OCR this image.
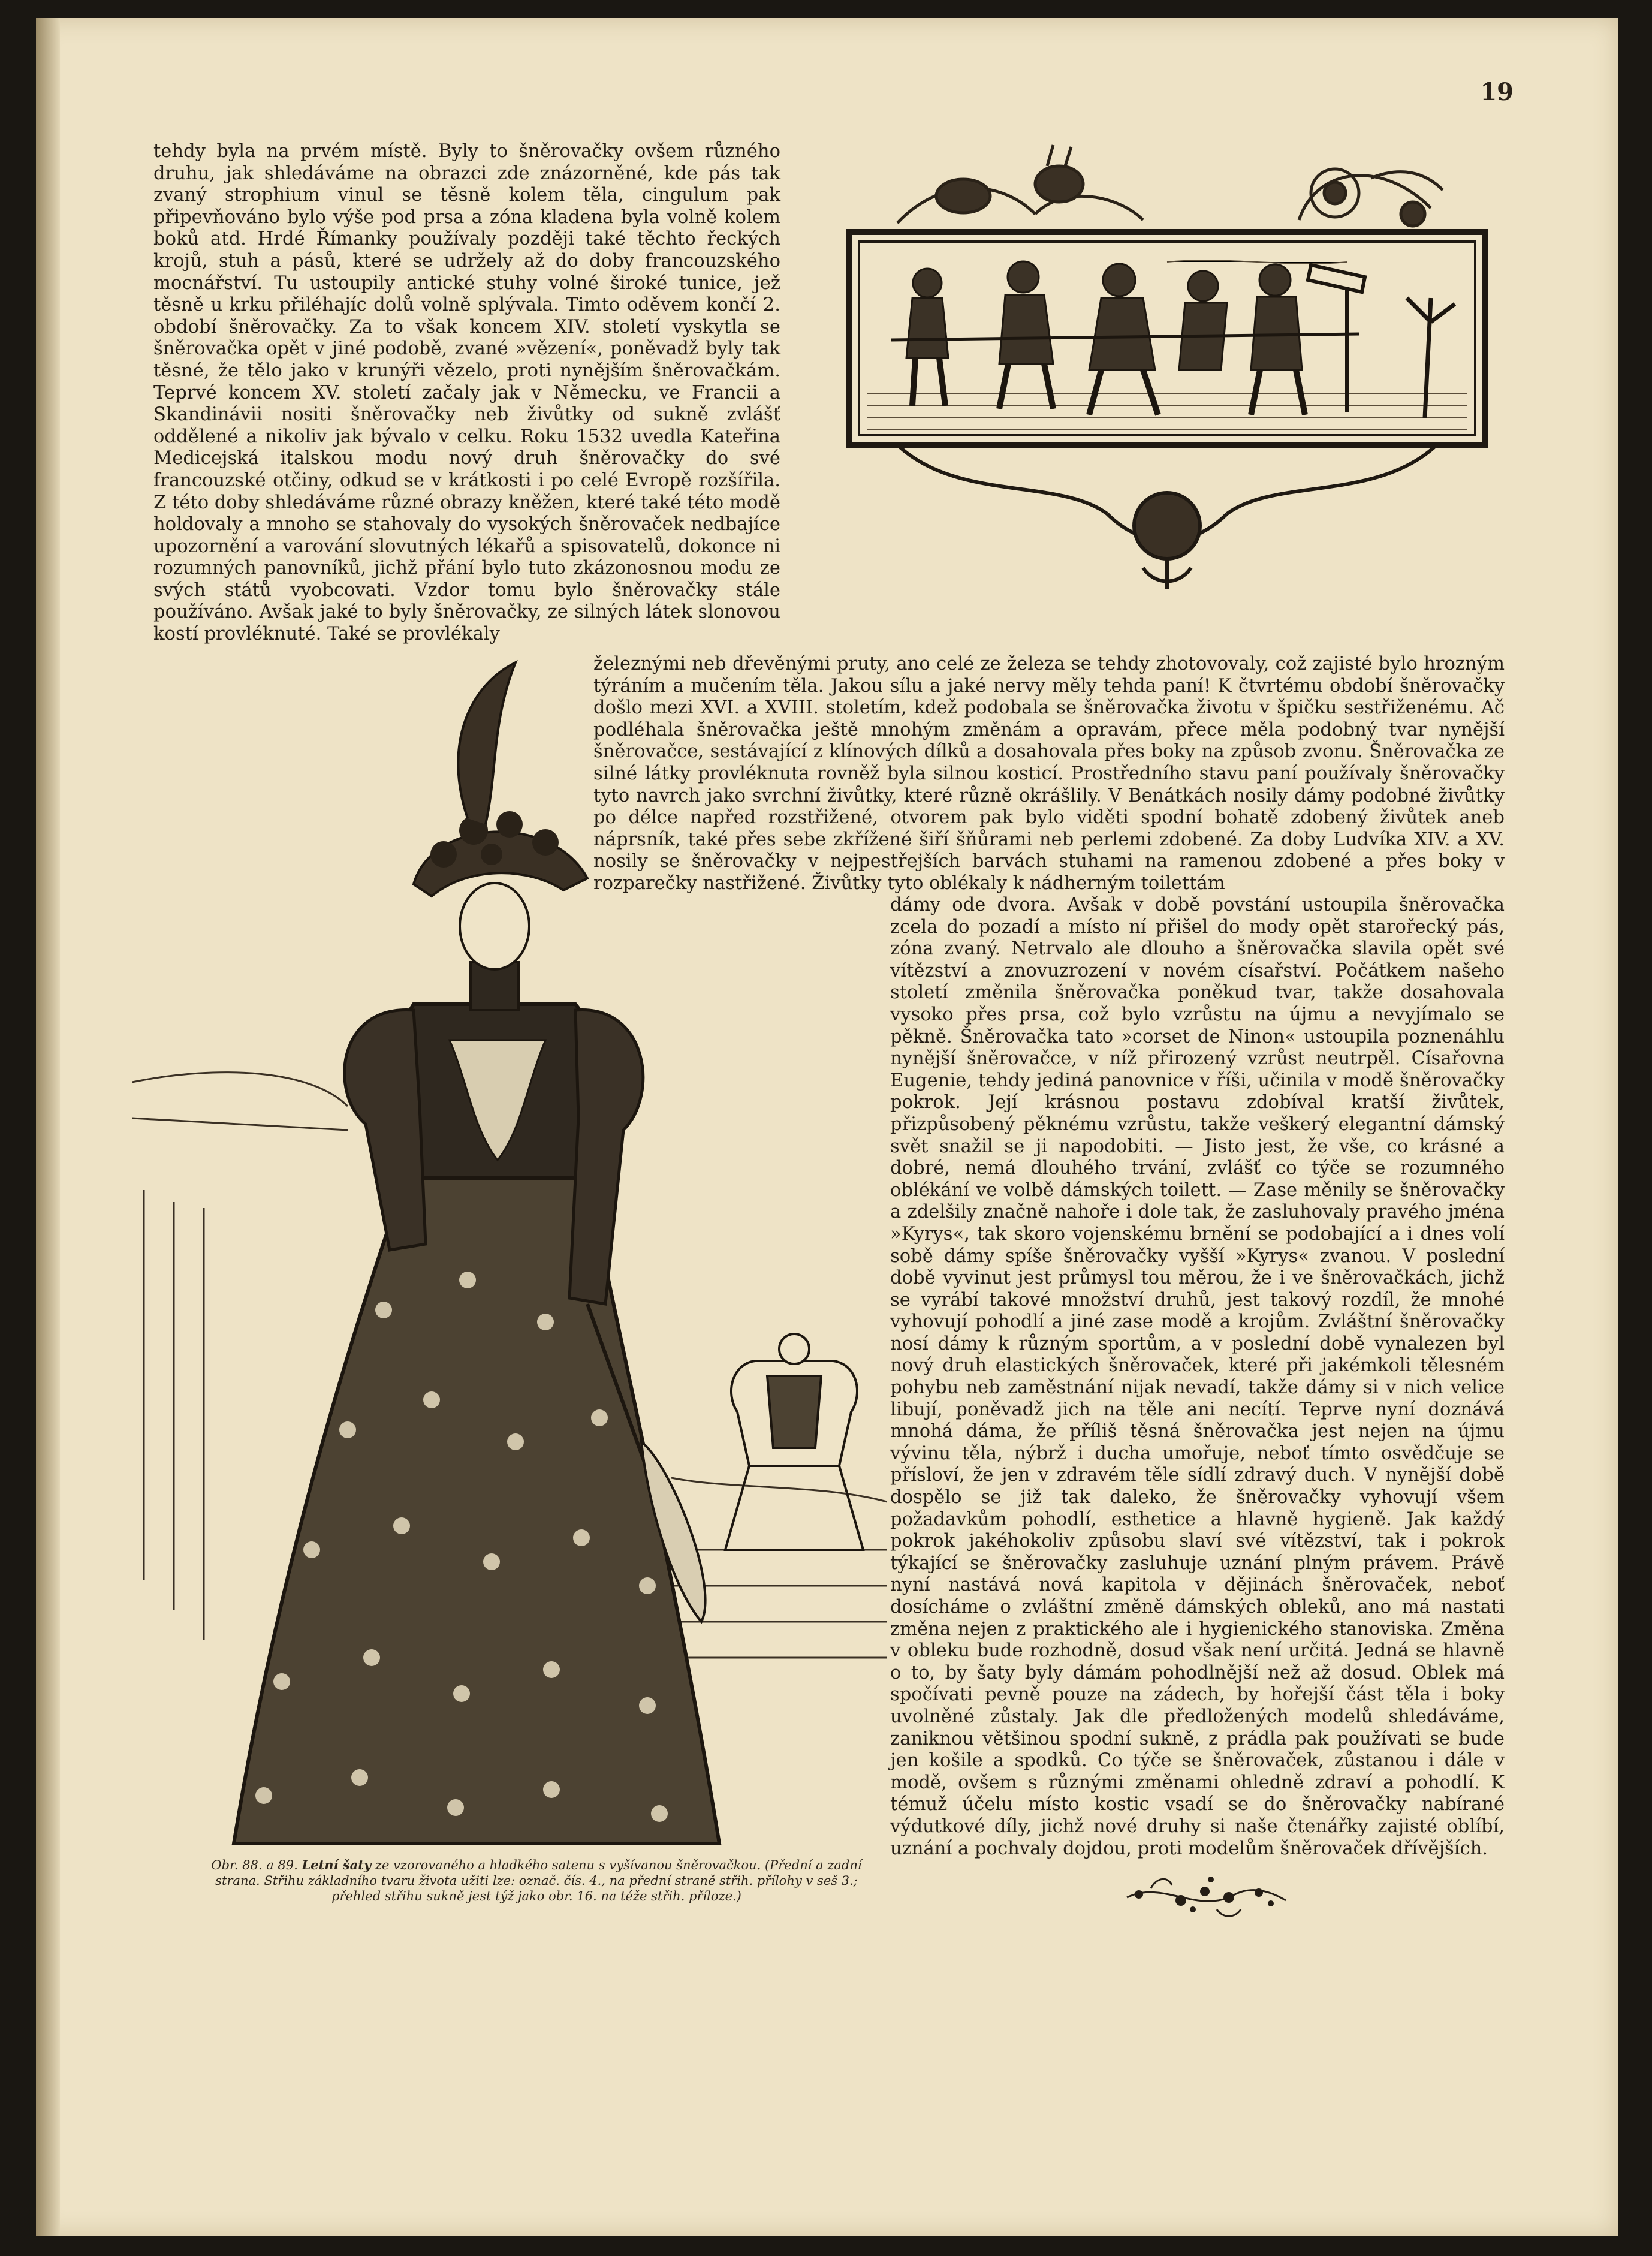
19

tehdy byla na prvém místě. Byly to šněrovačky ovšem různého druhu, jak shledáváme na obrazci zde znázorněné, kde pás tak zvaný strophium vinul se těsně kolem těla, cingulum pak připevňováno bylo výše pod prsa a zóna kladena byla volně kolem boků atd. Hrdé Římanky používaly později také těchto řeckých krojů, stuh a pásů, které se udržely až do doby francouzského mocnářství. Tu ustoupily antické stuhy volné široké tunice, jež těsně u krku přiléhajíc dolů volně splývala. Timto oděvem končí 2. období šněrovačky. Za to však koncem XIV. století vyskytla se šněrovačka opět v jiné podobě, zvané »vězení«, poněvadž byly tak těsné, že tělo jako v krunýři vězelo, proti nynějším šněrovačkám. Teprvé koncem XV. století začaly jak v Německu, ve Francii a Skandinávii nositi šněrovačky neb živůtky od sukně zvlášť oddělené a nikoliv jak bývalo v celku. Roku 1532 uvedla Kateřina Medicejská italskou modu nový druh šněrovačky do své francouzské otčiny, odkud se v krátkosti i po celé Evropě rozšířila. Z této doby shledáváme různé obrazy kněžen, které také této modě holdovaly a mnoho se stahovaly do vysokých šněrovaček nedbajíce upozornění a varování slovutných lékařů a spisovatelů, dokonce ni rozumných panovníků, jichž přání bylo tuto zkázonosnou modu ze svých států vyobcovati. Vzdor tomu bylo šněrovačky stále používáno. Avšak jaké to byly šněrovačky, ze silných látek slonovou kostí provléknuté. Také se provlékaly

železnými neb dřevěnými pruty, ano celé ze železa se tehdy zhotovovaly, což zajisté bylo hrozným týráním a mučením těla. Jakou sílu a jaké nervy měly tehda paní! K čtvrtému období šněrovačky došlo mezi XVI. a XVIII. stoletím, kdež podobala se šněrovačka životu v špičku sestřiženému. Ač podléhala šněrovačka ještě mnohým změnám a opravám, přece měla podobný tvar nynější šněrovačce, sestávající z klínových dílků a dosahovala přes boky na způsob zvonu. Šněrovačka ze silné látky provléknuta rovněž byla silnou kosticí. Prostředního stavu paní používaly šněrovačky tyto navrch jako svrchní živůtky, které různě okrášlily. V Benátkách nosily dámy podobné živůtky po délce napřed rozstřižené, otvorem pak bylo viděti spodní bohatě zdobený živůtek aneb náprsník, také přes sebe zkřížené šiří šňůrami neb perlemi zdobené. Za doby Ludvíka XIV. a XV. nosily se šněrovačky v nejpestřejších barvách stuhami na ramenou zdobené a přes boky v rozparečky nastřižené. Živůtky tyto oblékaly k nádherným toilettám

dámy ode dvora. Avšak v době povstání ustoupila šněrovačka zcela do pozadí a místo ní přišel do mody opět starořecký pás, zóna zvaný. Netrvalo ale dlouho a šněrovačka slavila opět své vítězství a znovuzrození v novém císařství. Počátkem našeho století změnila šněrovačka poněkud tvar, takže dosahovala vysoko přes prsa, což bylo vzrůstu na újmu a nevyjímalo se pěkně. Šněrovačka tato »corset de Ninon« ustoupila poznenáhlu nynější šněrovačce, v níž přirozený vzrůst neutrpěl. Císařovna Eugenie, tehdy jediná panovnice v říši, učinila v modě šněrovačky pokrok. Její krásnou postavu zdobíval kratší živůtek, přizpůsobený pěknému vzrůstu, takže veškerý elegantní dámský svět snažil se ji napodobiti. — Jisto jest, že vše, co krásné a dobré, nemá dlouhého trvání, zvlášť co týče se rozumného oblékání ve volbě dámských toilett. — Zase měnily se šněrovačky a zdelšily značně nahoře i dole tak, že zasluhovaly pravého jména »Kyrys«, tak skoro vojenskému brnění se podobající a i dnes volí sobě dámy spíše šněrovačky vyšší »Kyrys« zvanou. V poslední době vyvinut jest průmysl tou měrou, že i ve šněrovačkách, jichž se vyrábí takové množství druhů, jest takový rozdíl, že mnohé vyhovují pohodlí a jiné zase modě a krojům. Zvláštní šněrovačky nosí dámy k různým sportům, a v poslední době vynalezen byl nový druh elastických šněrovaček, které při jakémkoli tělesném pohybu neb zaměstnání nijak nevadí, takže dámy si v nich velice libují, poněvadž jich na těle ani necítí. Teprve nyní doznává mnohá dáma, že příliš těsná šněrovačka jest nejen na újmu vývinu těla, nýbrž i ducha umořuje, neboť tímto osvědčuje se přísloví, že jen v zdravém těle sídlí zdravý duch. V nynější době dospělo se již tak daleko, že šněrovačky vyhovují všem požadavkům pohodlí, esthetice a hlavně hygieně. Jak každý pokrok jakéhokoliv způsobu slaví své vítězství, tak i pokrok týkající se šněrovačky zasluhuje uznání plným právem. Právě nyní nastává nová kapitola v dějinách šněrovaček, neboť dosícháme o zvláštní změně dámských obleků, ano má nastati změna nejen z praktického ale i hygienického stanoviska. Změna v obleku bude rozhodně, dosud však není určitá. Jedná se hlavně o to, by šaty byly dámám pohodlnější než až dosud. Oblek má spočívati pevně pouze na zádech, by hořejší část těla i boky uvolněné zůstaly. Jak dle předložených modelů shledáváme, zaniknou většinou spodní sukně, z prádla pak používati se bude jen košile a spodků. Co týče se šněrovaček, zůstanou i dále v modě, ovšem s různými změnami ohledně zdraví a pohodlí. K témuž účelu místo kostic vsadí se do šněrovačky nabírané výdutkové díly, jichž nové druhy si naše čtenářky zajisté oblíbí, uznání a pochvaly dojdou, proti modelům šněrovaček dřívějších.

Obr. 88. a 89. Letní šaty ze vzorovaného a hladkého satenu s vyšívanou šněrovačkou. (Přední a zadní strana. Střihu základního tvaru života užiti lze: označ. čís. 4., na přední straně střih. přílohy v seš 3.; přehled střihu sukně jest týž jako obr. 16. na téže střih. příloze.)
